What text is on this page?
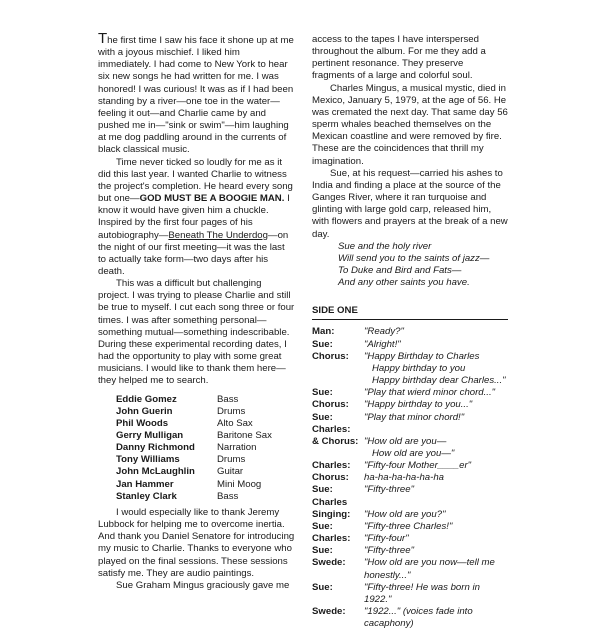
The first time I saw his face it shone up at me with a joyous mischief. I liked him immediately. I had come to New York to hear six new songs he had written for me. I was honored! I was curious! It was as if I had been standing by a river—one toe in the water—feeling it out—and Charlie came by and pushed me in—"sink or swim"—him laughing at me dog paddling around in the currents of black classical music.

Time never ticked so loudly for me as it did this last year. I wanted Charlie to witness the project's completion. He heard every song but one—GOD MUST BE A BOOGIE MAN. I know it would have given him a chuckle. Inspired by the first four pages of his autobiography—Beneath The Underdog—on the night of our first meeting—it was the last to actually take form—two days after his death.

This was a difficult but challenging project. I was trying to please Charlie and still be true to myself. I cut each song three or four times. I was after something personal—something mutual—something indescribable. During these experimental recording dates, I had the opportunity to play with some great musicians. I would like to thank them here—they helped me to search.

Eddie Gomez	Bass
John Guerin	Drums
Phil Woods	Alto Sax
Gerry Mulligan	Baritone Sax
Danny Richmond	Narration
Tony Williams	Drums
John McLaughlin	Guitar
Jan Hammer	Mini Moog
Stanley Clark	Bass

I would especially like to thank Jeremy Lubbock for helping me to overcome inertia. And thank you Daniel Senatore for introducing my music to Charlie. Thanks to everyone who played on the final sessions. These sessions satisfy me. They are audio paintings.

Sue Graham Mingus graciously gave me

access to the tapes I have interspersed throughout the album. For me they add a pertinent resonance. They preserve fragments of a large and colorful soul.

Charles Mingus, a musical mystic, died in Mexico, January 5, 1979, at the age of 56. He was cremated the next day. That same day 56 sperm whales beached themselves on the Mexican coastline and were removed by fire. These are the coincidences that thrill my imagination.

Sue, at his request—carried his ashes to India and finding a place at the source of the Ganges River, where it ran turquoise and glinting with large gold carp, released him, with flowers and prayers at the break of a new day.

Sue and the holy river
Will send you to the saints of jazz—
To Duke and Bird and Fats—
And any other saints you have.
SIDE ONE
Man:	"Ready?"
Sue:	"Alright!"
Chorus:	"Happy Birthday to Charles
Happy birthday to you
Happy birthday dear Charles..."
Sue:	"Play that wierd minor chord..."
Chorus:	"Happy birthday to you..."
Sue:	"Play that minor chord!"
Charles:
& Chorus: "How old are you—
How old are you—"
Charles:	"Fifty-four Mother____er"
Chorus:	ha-ha-ha-ha-ha-ha
Sue:	"Fifty-three"
Charles
Singing:	"How old are you?"
Sue:	"Fifty-three Charles!"
Charles:	"Fifty-four"
Sue:	"Fifty-three"
Swede:	"How old are you now—tell me
honestly..."
Sue:	"Fifty-three! He was born in
1922."
Swede:	"1922..." (voices fade into
cacaphony)
